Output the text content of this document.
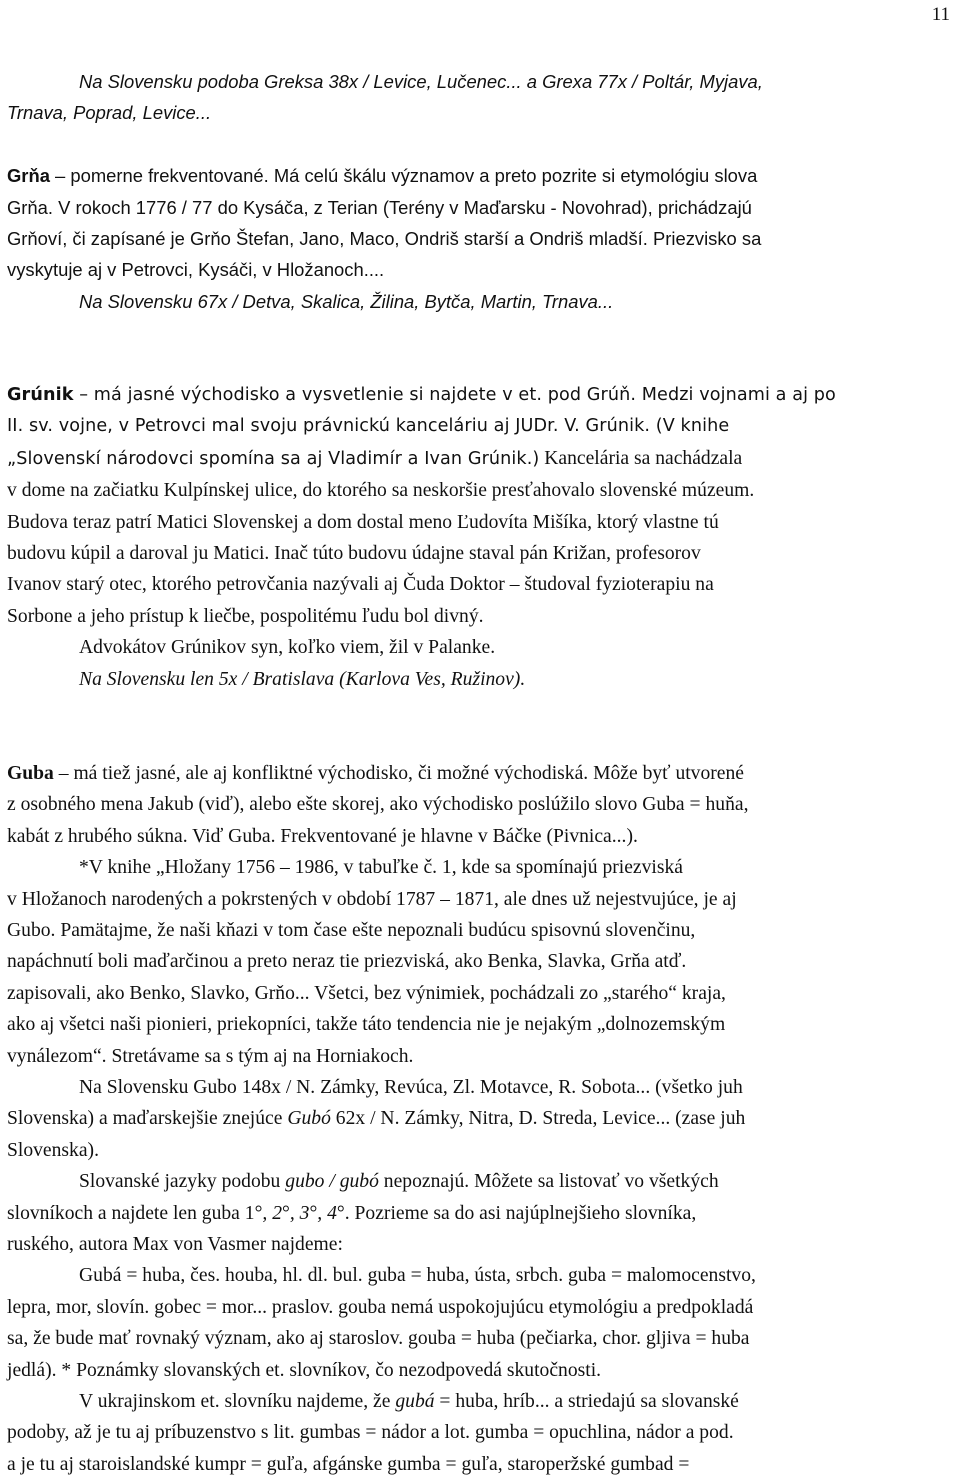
11

Na Slovensku podoba Greksa 38x / Levice, Lučenec... a Grexa 77x / Poltár, Myjava,

Trnava, Poprad, Levice...

Grňa – pomerne frekventované. Má celú škálu významov a preto pozrite si etymológiu slova

Grňa. V rokoch 1776 / 77 do Kysáča, z Terian (Terény v Maďarsku - Novohrad), prichádzajú

Grňoví, či zapísané je Grňo Štefan, Jano, Maco, Ondriš starší a Ondriš mladší. Priezvisko sa

vyskytuje aj v Petrovci, Kysáči, v Hložanoch....

Na Slovensku 67x / Detva, Skalica, Žilina, Bytča, Martin, Trnava...

Grúnik – má jasné východisko a vysvetlenie si najdete v et. pod Grúň. Medzi vojnami a aj po

II. sv. vojne, v Petrovci mal svoju právnickú kanceláriu aj JUDr. V. Grúnik. (V knihe

„Slovenskí národovci spomína sa aj Vladimír a Ivan Grúnik.) Kancelária sa nachádzala

v dome na začiatku Kulpínskej ulice, do ktorého sa neskoršie presťahovalo slovenské múzeum.

Budova teraz patrí Matici Slovenskej a dom dostal meno Ľudovíta Mišíka, ktorý vlastne tú

budovu kúpil a daroval ju Matici. Inač túto budovu údajne staval pán Križan, profesorov

Ivanov starý otec, ktorého petrovčania nazývali aj Čuda Doktor – študoval fyzioterapiu na

Sorbone a jeho prístup k liečbe, pospolitému ľudu bol divný.

Advokátov Grúnikov syn, koľko viem, žil v Palanke.

Na Slovensku len 5x / Bratislava (Karlova Ves, Ružinov).

Guba – má tiež jasné, ale aj konfliktné východisko, či možné východiská. Môže byť utvorené

z osobného mena Jakub (viď), alebo ešte skorej, ako východisko poslúžilo slovo Guba = huňa,

kabát z hrubého súkna. Viď Guba. Frekventované je hlavne v Báčke (Pivnica...).

*V knihe „Hložany 1756 – 1986, v tabuľke č. 1, kde sa spomínajú priezviská

v Hložanoch narodených a pokrstených v období 1787 – 1871, ale dnes už nejestvujúce, je aj

Gubo. Pamätajme, že naši kňazi v tom čase ešte nepoznali budúcu spisovnú slovenčinu,

napáchnutí boli maďarčinou a preto neraz tie priezviská, ako Benka, Slavka, Grňa atď.

zapisovali, ako Benko, Slavko, Grňo... Všetci, bez výnimiek, pochádzali zo „starého“ kraja,

ako aj všetci naši pionieri, priekopníci, takže táto tendencia nie je nejakým „dolnozemským

vynálezom“. Stretávame sa s tým aj na Horniakoch.

Na Slovensku Gubo 148x / N. Zámky, Revúca, Zl. Motavce, R. Sobota... (všetko juh

Slovenska) a maďarskejšie znejúce Gubó 62x / N. Zámky, Nitra, D. Streda, Levice... (zase juh

Slovenska).

Slovanské jazyky podobu gubo / gubó nepoznajú. Môžete sa listovať vo všetkých

slovníkoch a najdete len guba 1°, 2°, 3°, 4°. Pozrieme sa do asi najúplnejšieho slovníka,

ruského, autora Max von Vasmer najdeme:

Gubá = huba, čes. houba, hl. dl. bul. guba = huba, ústa, srbch. guba = malomocenstvo,

lepra, mor, slovín. gobec = mor... praslov. gouba nemá uspokojujúcu etymológiu a predpokladá

sa, že bude mať rovnaký význam, ako aj staroslov. gouba = huba (pečiarka, chor. gljiva = huba

jedlá). * Poznámky slovanských et. slovníkov, čo nezodpovedá skutočnosti.

V ukrajinskom et. slovníku najdeme, že gubá = huba, hríb... a striedajú sa slovanské

podoby, až je tu aj príbuzenstvo s lit. gumbas = nádor a lot. gumba = opuchlina, nádor a pod.

a je tu aj staroislandské kumpr = guľa, afgánske gumba = guľa, staroperžské gumbad =
